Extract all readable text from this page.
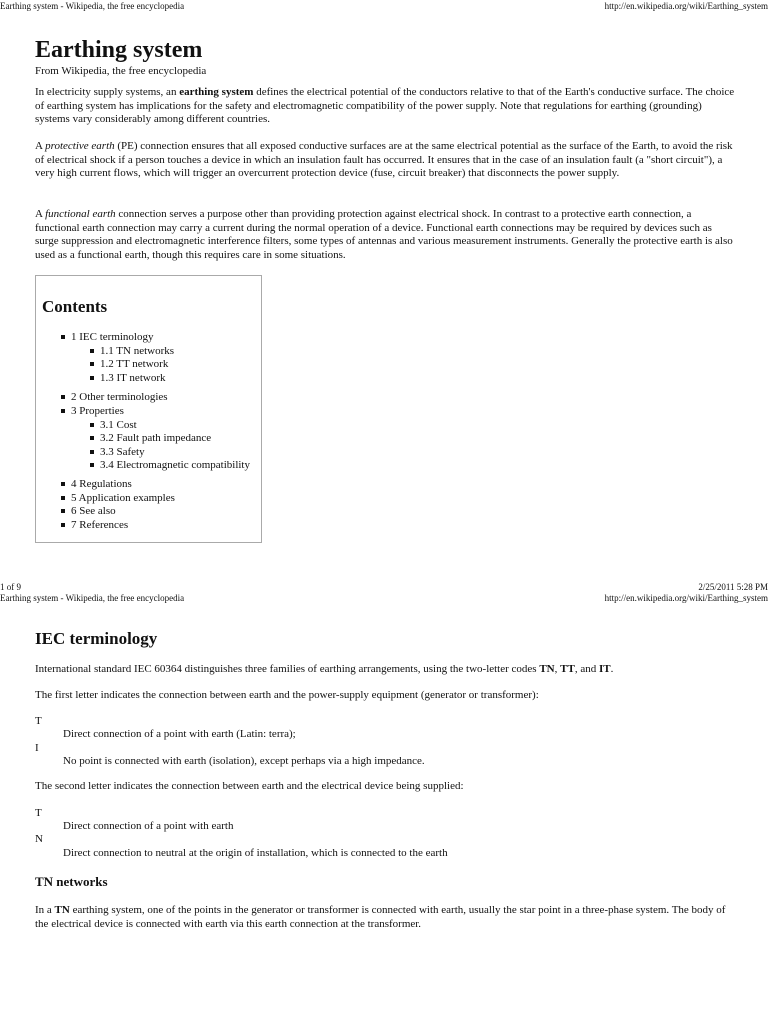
Earthing system - Wikipedia, the free encyclopedia	http://en.wikipedia.org/wiki/Earthing_system
Earthing system
From Wikipedia, the free encyclopedia

In electricity supply systems, an earthing system defines the electrical potential of the conductors relative to that of the Earth's conductive surface. The choice of earthing system has implications for the safety and electromagnetic compatibility of the power supply. Note that regulations for earthing (grounding) systems vary considerably among different countries.

A protective earth (PE) connection ensures that all exposed conductive surfaces are at the same electrical potential as the surface of the Earth, to avoid the risk of electrical shock if a person touches a device in which an insulation fault has occurred. It ensures that in the case of an insulation fault (a "short circuit"), a very high current flows, which will trigger an overcurrent protection device (fuse, circuit breaker) that disconnects the power supply.

A functional earth connection serves a purpose other than providing protection against electrical shock. In contrast to a protective earth connection, a functional earth connection may carry a current during the normal operation of a device. Functional earth connections may be required by devices such as surge suppression and electromagnetic interference filters, some types of antennas and various measurement instruments. Generally the protective earth is also used as a functional earth, though this requires care in some situations.

Contents
1 IEC terminology
1.1 TN networks
1.2 TT network
1.3 IT network
2 Other terminologies
3 Properties
3.1 Cost
3.2 Fault path impedance
3.3 Safety
3.4 Electromagnetic compatibility
4 Regulations
5 Application examples
6 See also
7 References
1 of 9	2/25/2011 5:28 PM
Earthing system - Wikipedia, the free encyclopedia	http://en.wikipedia.org/wiki/Earthing_system
IEC terminology

International standard IEC 60364 distinguishes three families of earthing arrangements, using the two-letter codes TN, TT, and IT.

The first letter indicates the connection between earth and the power-supply equipment (generator or transformer):

T
Direct connection of a point with earth (Latin: terra);
I
No point is connected with earth (isolation), except perhaps via a high impedance.

The second letter indicates the connection between earth and the electrical device being supplied:

T
Direct connection of a point with earth
N
Direct connection to neutral at the origin of installation, which is connected to the earth
TN networks

In a TN earthing system, one of the points in the generator or transformer is connected with earth, usually the star point in a three-phase system. The body of the electrical device is connected with earth via this earth connection at the transformer.
